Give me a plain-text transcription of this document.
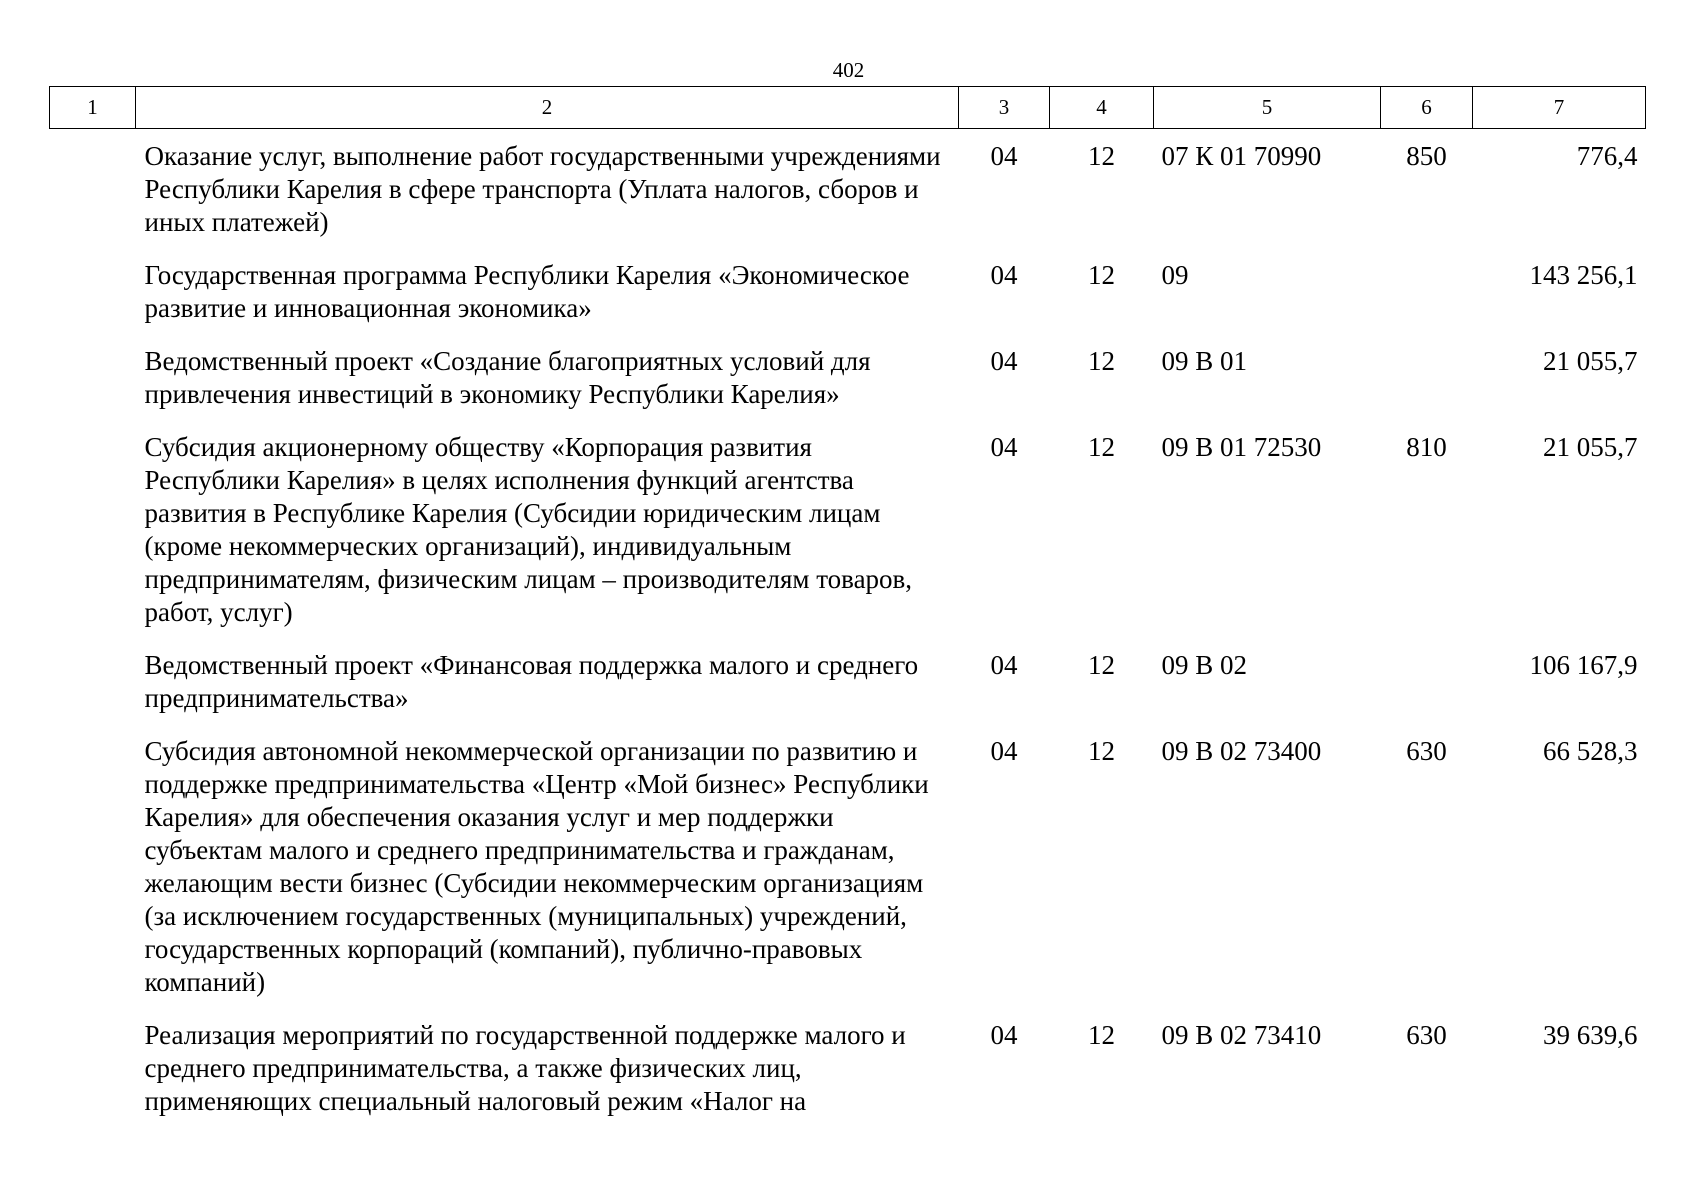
402
1	2	3	4	5	6	7
Оказание услуг, выполнение работ государственными учреждениями Республики Карелия в сфере транспорта (Уплата налогов, сборов и иных платежей)		04	12	07 К 01 70990	850	776,4
Государственная программа Республики Карелия «Экономическое развитие и инновационная экономика»		04	12	09		143 256,1
Ведомственный проект «Создание благоприятных условий для привлечения инвестиций в экономику Республики Карелия»		04	12	09 В 01		21 055,7
Субсидия акционерному обществу «Корпорация развития Республики Карелия» в целях исполнения функций агентства развития в Республике Карелия (Субсидии юридическим лицам (кроме некоммерческих организаций), индивидуальным предпринимателям, физическим лицам – производителям товаров, работ, услуг)		04	12	09 В 01 72530	810	21 055,7
Ведомственный проект «Финансовая поддержка малого и среднего предпринимательства»		04	12	09 В 02		106 167,9
Субсидия автономной некоммерческой организации по развитию и поддержке предпринимательства «Центр «Мой бизнес» Республики Карелия» для обеспечения оказания услуг и мер поддержки субъектам малого и среднего предпринимательства и гражданам, желающим вести бизнес (Субсидии некоммерческим организациям (за исключением государственных (муниципальных) учреждений, государственных корпораций (компаний), публично-правовых компаний)		04	12	09 В 02 73400	630	66 528,3
Реализация мероприятий по государственной поддержке малого и среднего предпринимательства, а также физических лиц, применяющих специальный налоговый режим «Налог на		04	12	09 В 02 73410	630	39 639,6
